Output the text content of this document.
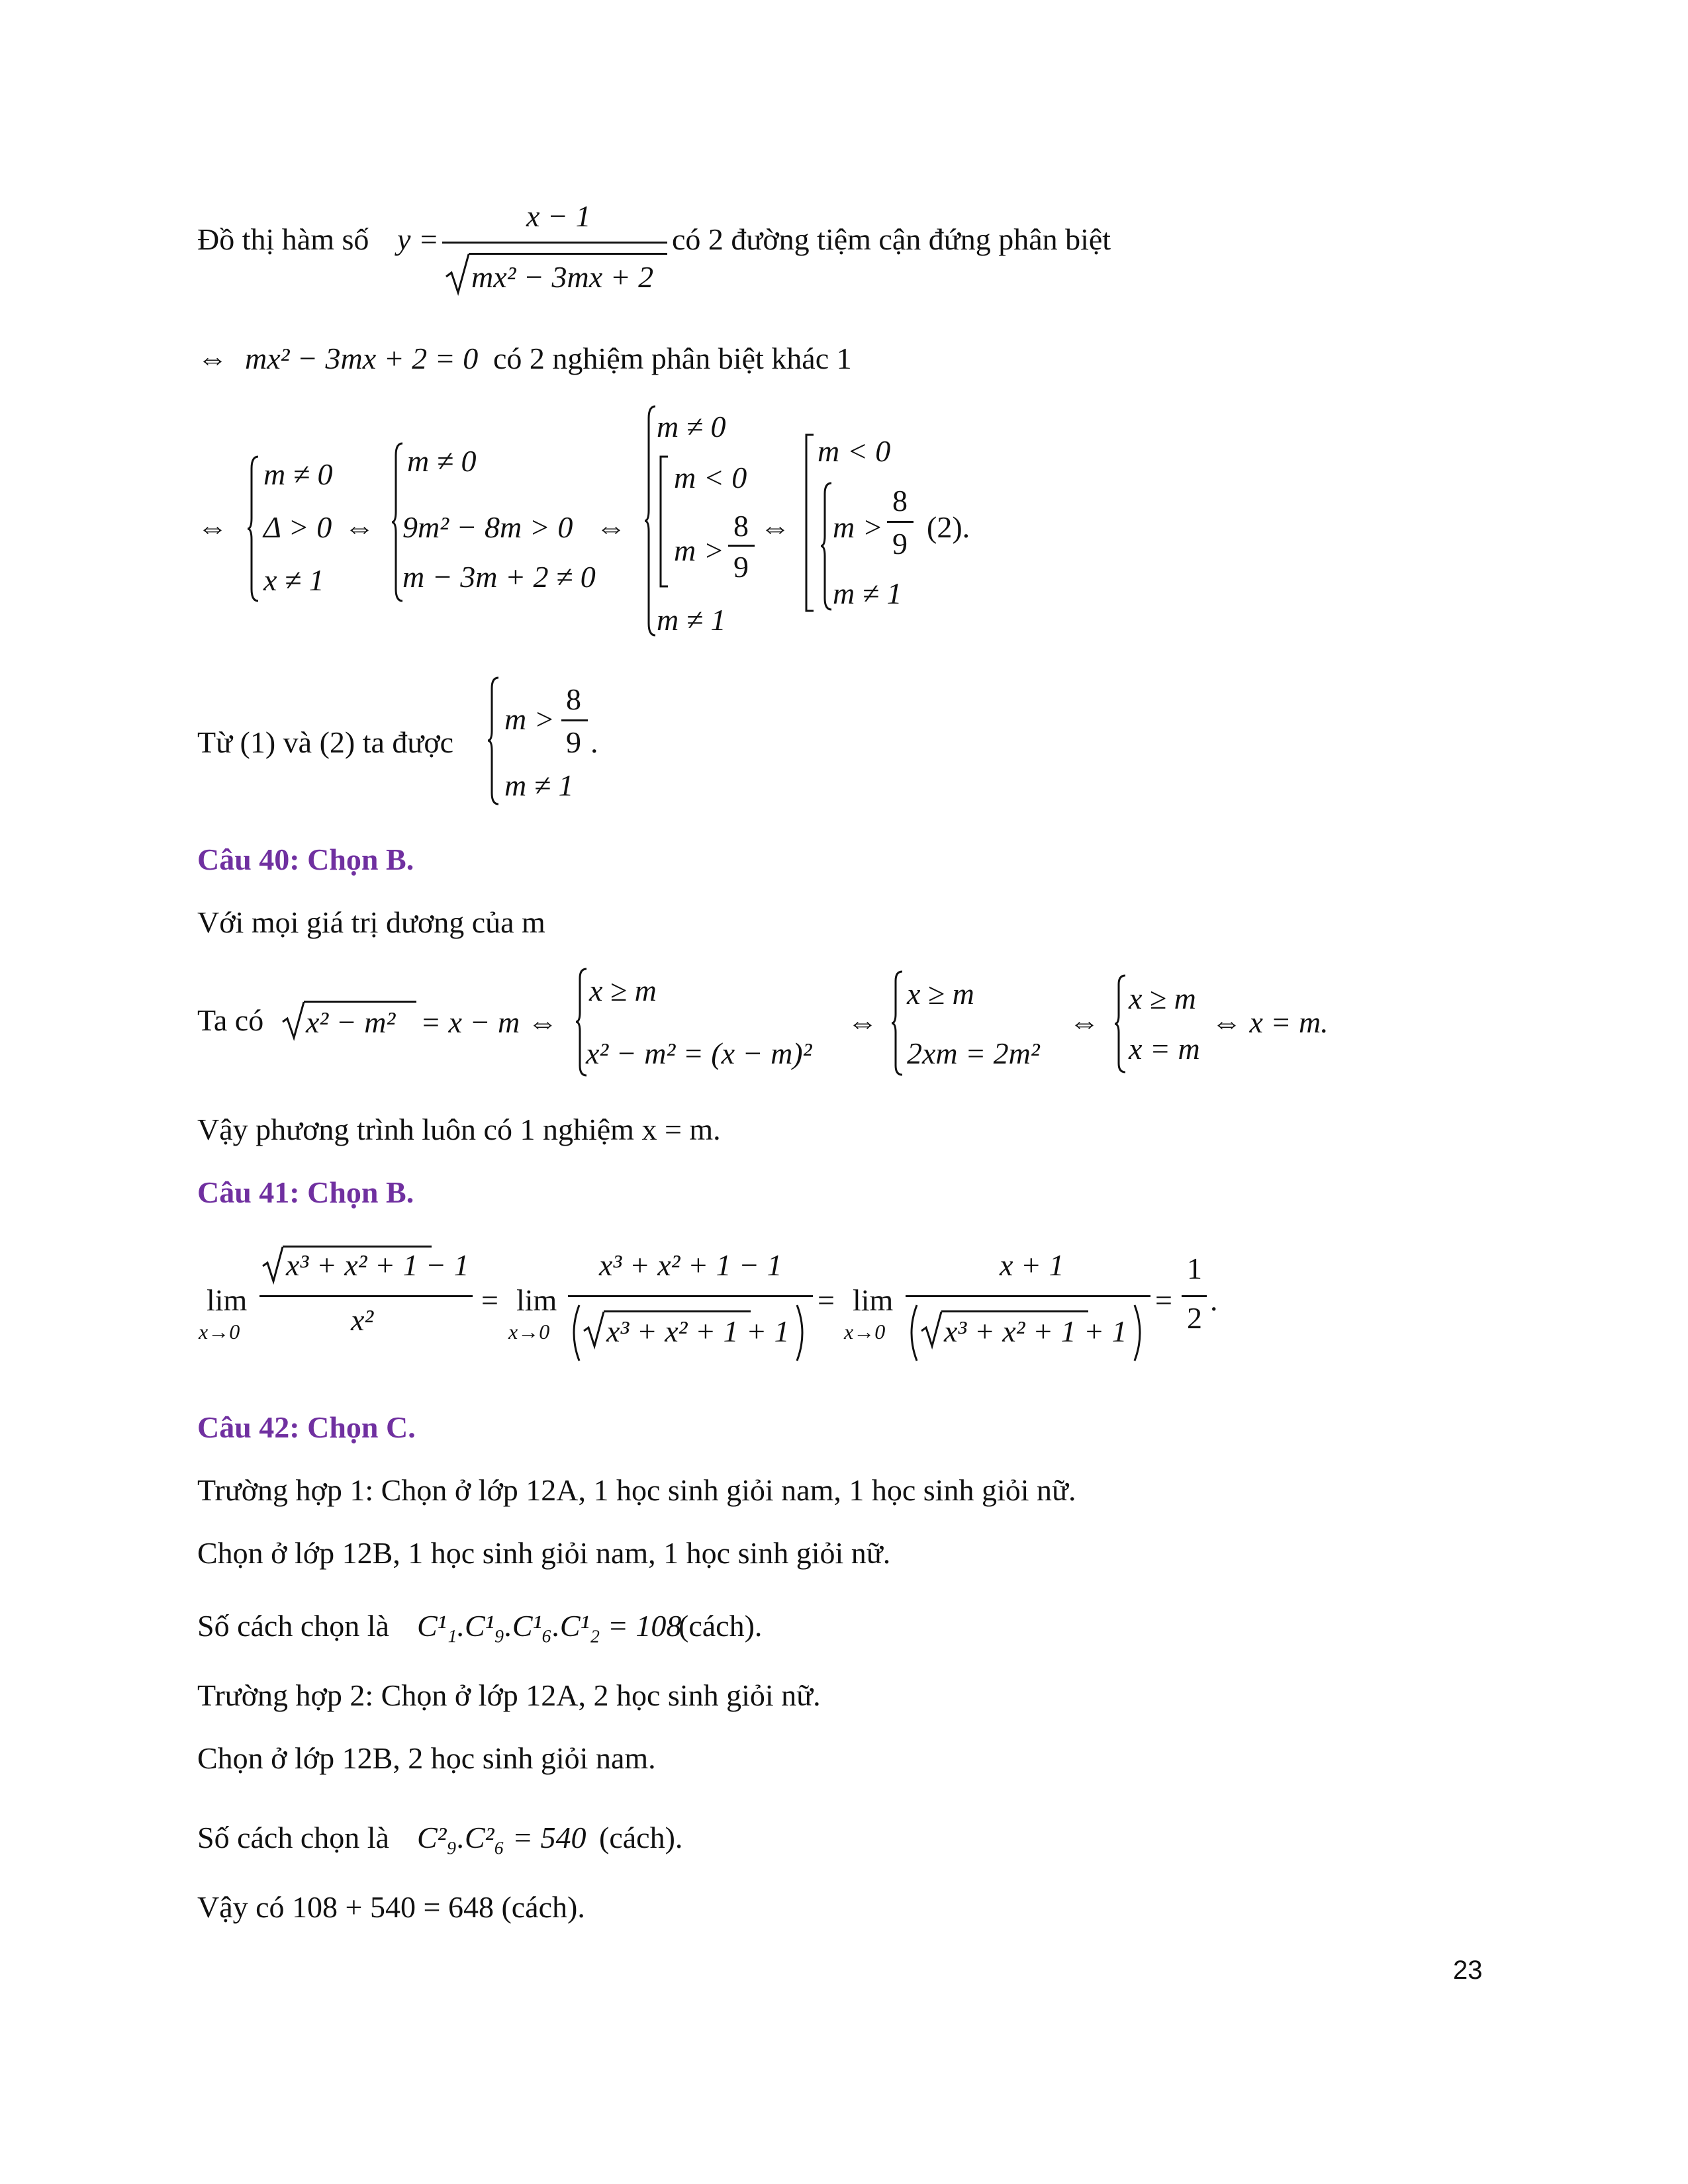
Đồ thị hàm số y =
x − 1
mx² − 3mx + 2
có 2 đường tiệm cận đứng phân biệt
⇔ mx² − 3mx + 2 = 0 có 2 nghiệm phân biệt khác 1
⇔
m ≠ 0
Δ > 0
x ≠ 1
⇔
m ≠ 0
9m² − 8m > 0
m − 3m + 2 ≠ 0
⇔
m ≠ 0
m < 0
m >
8
9
m ≠ 1
⇔
m < 0
m >
8
9
m ≠ 1
(2).
Từ (1) và (2) ta được
m >
8
9 .
m ≠ 1
Câu 40: Chọn B.
Với mọi giá trị dương của m
Ta có x² − m² = x − m ⇔
x ≥ m
x² − m² = (x − m)²
⇔
x ≥ m
2xm = 2m²
⇔
x ≥ m
x = m
⇔ x = m.
Vậy phương trình luôn có 1 nghiệm x = m.
Câu 41: Chọn B.
lim
x→0
x³ + x² + 1 − 1
x²
= lim
x→0
x³ + x² + 1 − 1
x³ + x² + 1 + 1
= lim
x→0
x + 1
x³ + x² + 1 + 1
=
1
2
.
Câu 42: Chọn C.
Trường hợp 1: Chọn ở lớp 12A, 1 học sinh giỏi nam, 1 học sinh giỏi nữ.
Chọn ở lớp 12B, 1 học sinh giỏi nam, 1 học sinh giỏi nữ.
Số cách chọn là C¹₁.C¹₉.C¹₆.C¹₂ = 108
(cách).
Trường hợp 2: Chọn ở lớp 12A, 2 học sinh giỏi nữ.
Chọn ở lớp 12B, 2 học sinh giỏi nam.
Số cách chọn là C²₉.C²₆ = 540 (cách).
Vậy có 108 + 540 = 648 (cách).
23
